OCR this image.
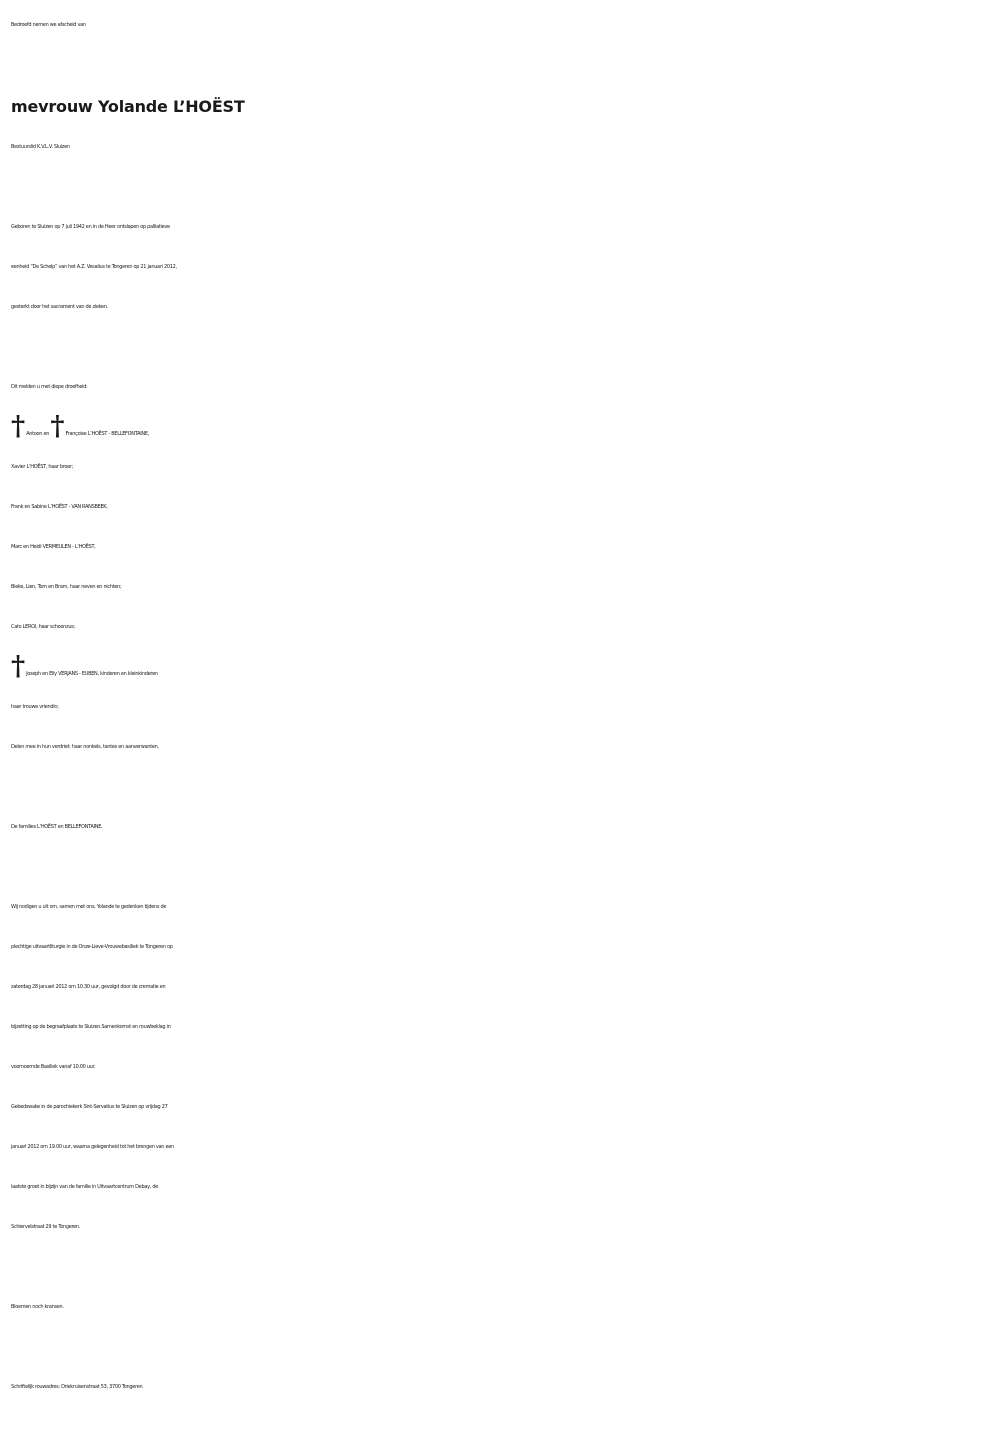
Bedroefd nemen we afscheid van
mevrouw Yolande L’HOËST
Bestuurslid K.V.L.V. Sluizen
Geboren te Sluizen op 7 juli 1942 en in de Heer ontslapen op palliatieve
eenheid “De Schelp” van het A.Z. Vesalius te Tongeren op 21 januari 2012,
gesterkt door het sacrament van de zieken.
Dit melden u met diepe droefheid:
† Antoon en † Françoise L’HOËST - BELLEFONTAINE,
Xavier L’HOËST, haar broer;
Frank en Sabine L’HOËST - VAN RANSBEEK,
Marc en Heidi VERMEULEN - L’HOËST,
Bieke, Lien, Tom en Bram, haar neven en nichten;
Cato LEROI, haar schoonzus;
† Joseph en Elly VERJANS - EUBEN, kinderen en kleinkinderen
haar trouwe vriendin;
Delen mee in hun verdriet: haar nonkels, tantes en aanverwanten.
De families L’HOËST en BELLEFONTAINE.
Wij nodigen u uit om, samen met ons, Yolande te gedenken tijdens de
plechtige uitvaartliturgie in de Onze-Lieve-Vrouwebasiliek te Tongeren op
zaterdag 28 januari 2012 om 10.30 uur, gevolgd door de crematie en
bijzetting op de begraafplaats te Sluizen.Samenkomst en rouwbeklag in
voornoemde Basiliek vanaf 10.00 uur.
Gebedswake in de parochiekerk Sint-Servatius te Sluizen op vrijdag 27
januari 2012 om 19.00 uur, waarna gelegenheid tot het brengen van een
laatste groet in bijzijn van de familie in Uitvaartcentrum Debay, de
Schiervelstraat 29 te Tongeren.
Bloemen noch kransen.
Schriftelijk rouwadres: Driekruisenstraat 53, 3700 Tongeren
